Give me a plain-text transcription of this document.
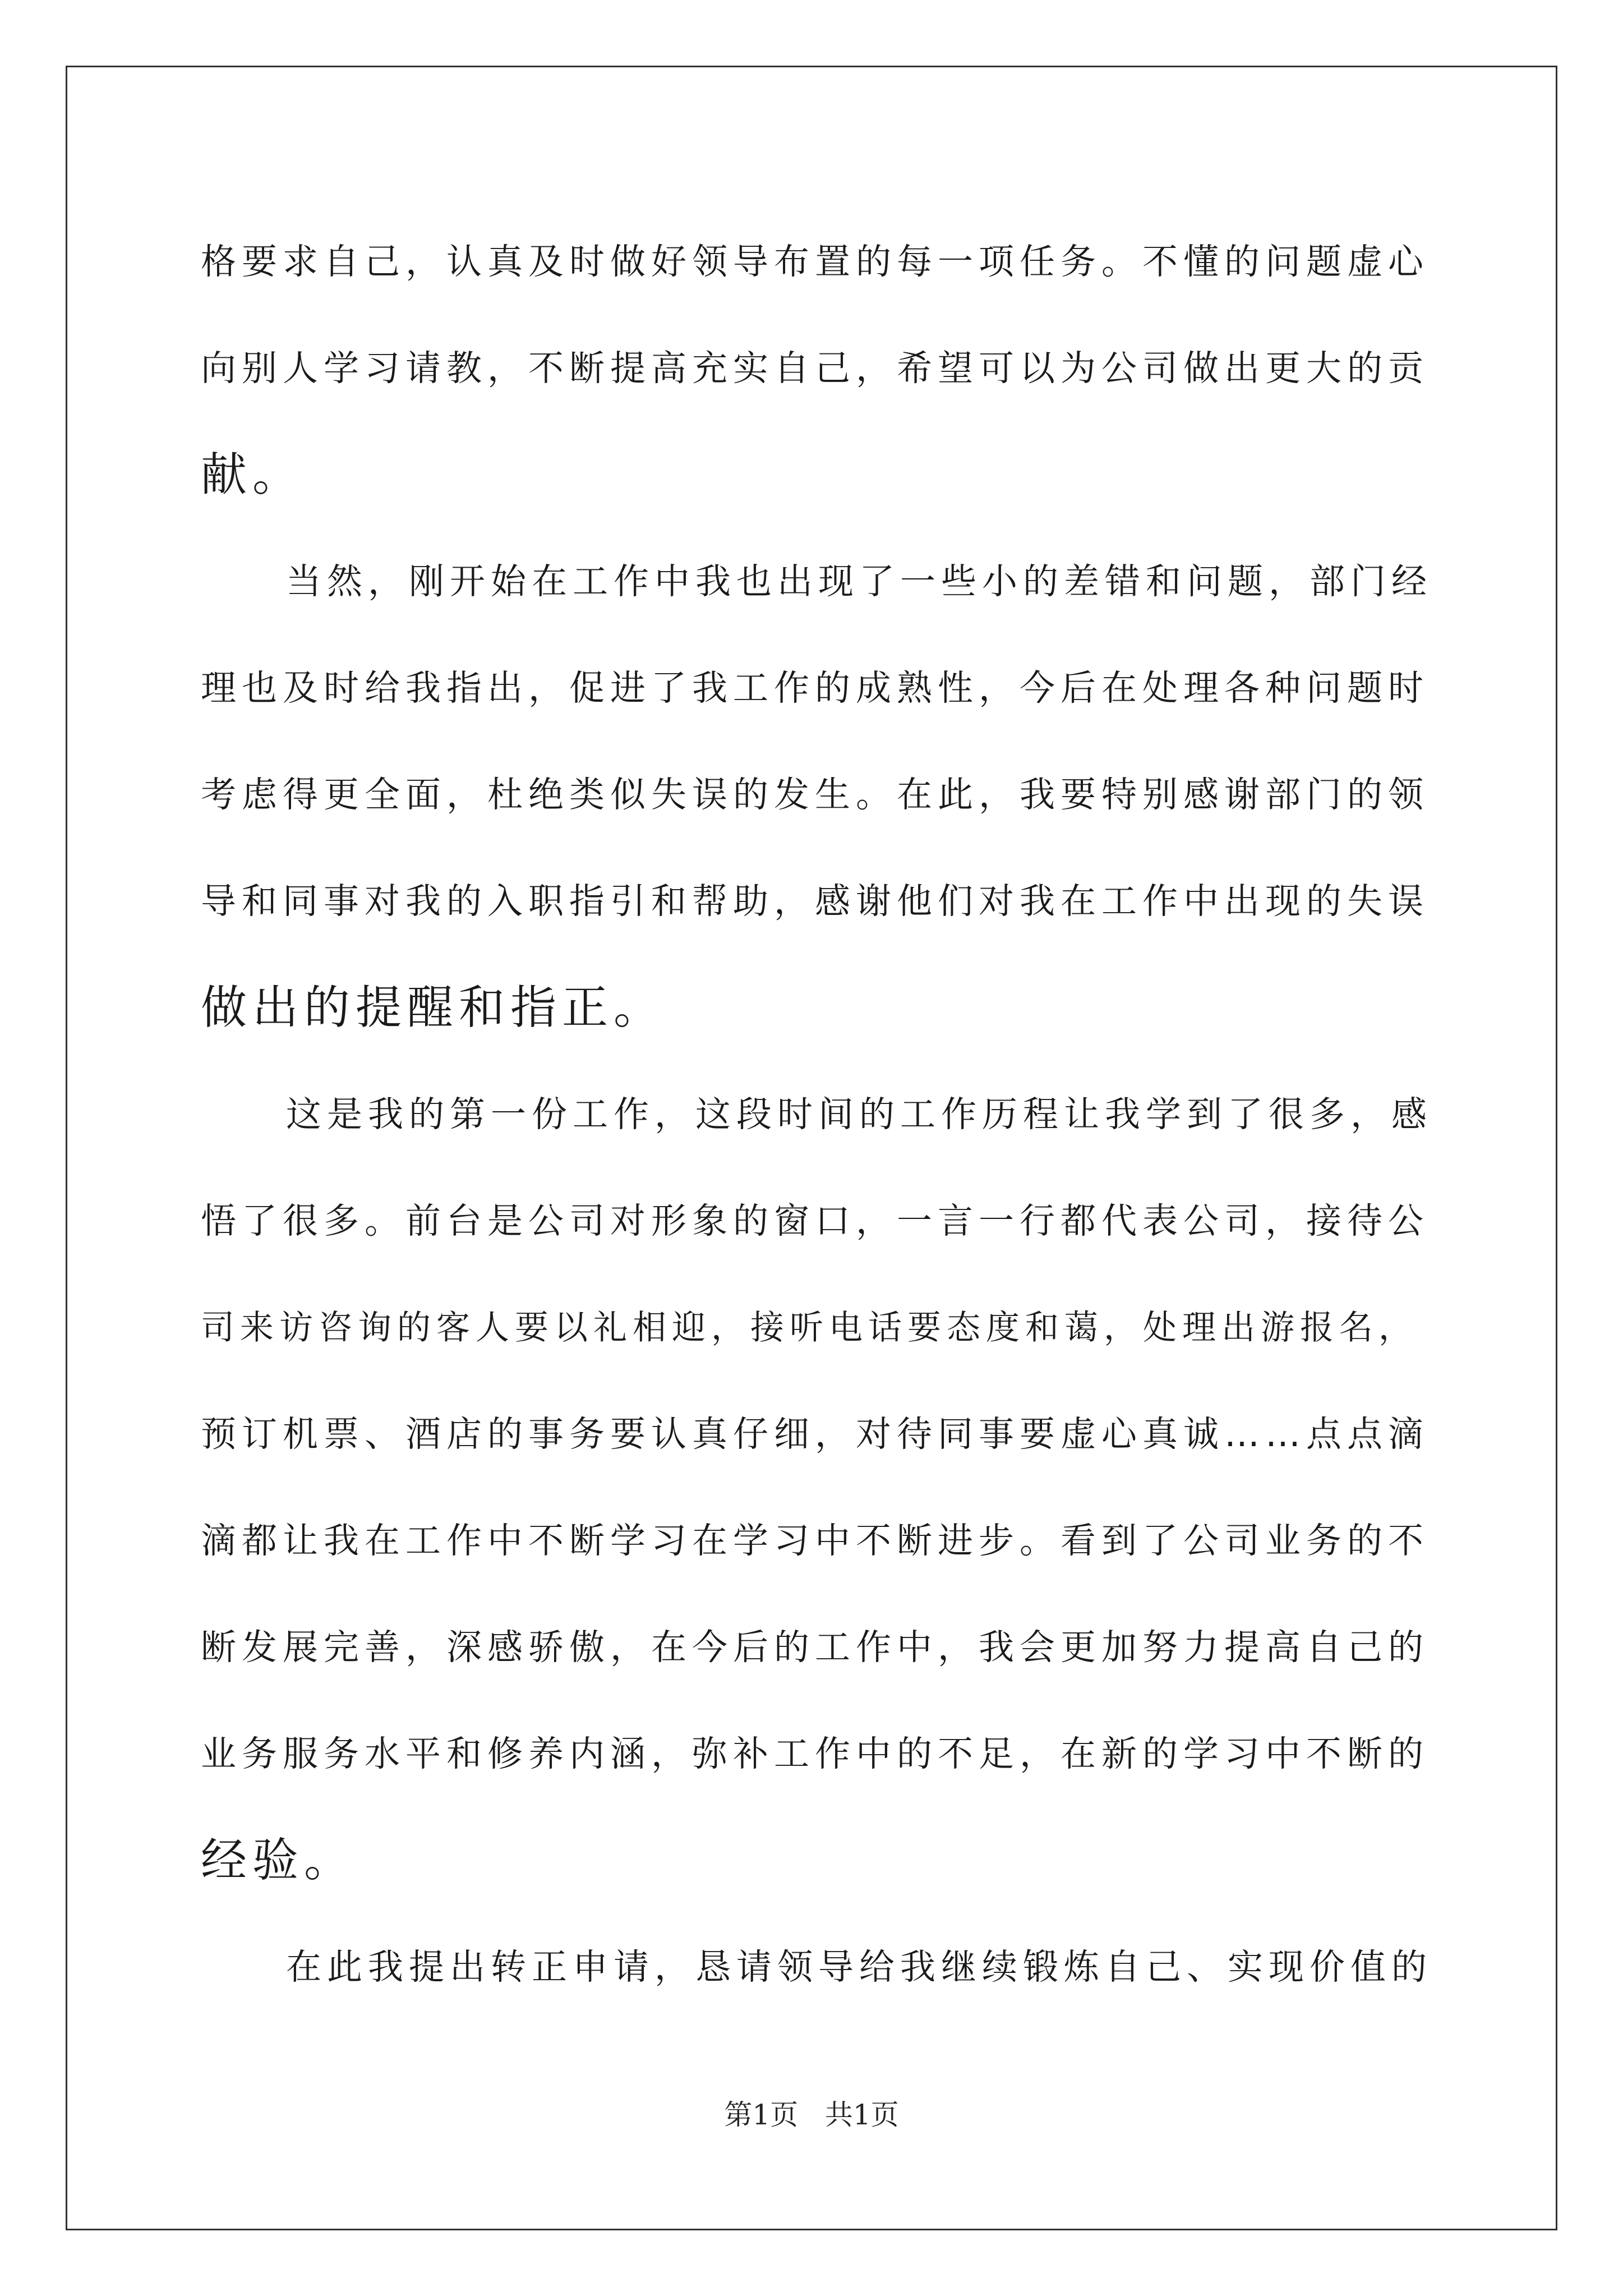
格要求自己，认真及时做好领导布置的每一项任务。不懂的问题虚心
向别人学习请教，不断提高充实自己，希望可以为公司做出更大的贡
献。
当然，刚开始在工作中我也出现了一些小的差错和问题，部门经
理也及时给我指出，促进了我工作的成熟性，今后在处理各种问题时
考虑得更全面，杜绝类似失误的发生。在此，我要特别感谢部门的领
导和同事对我的入职指引和帮助，感谢他们对我在工作中出现的失误
做出的提醒和指正。
这是我的第一份工作，这段时间的工作历程让我学到了很多，感
悟了很多。前台是公司对形象的窗口，一言一行都代表公司，接待公
司来访咨询的客人要以礼相迎，接听电话要态度和蔼，处理出游报名，
预订机票、酒店的事务要认真仔细，对待同事要虚心真诚……点点滴
滴都让我在工作中不断学习在学习中不断进步。看到了公司业务的不
断发展完善，深感骄傲，在今后的工作中，我会更加努力提高自己的
业务服务水平和修养内涵，弥补工作中的不足，在新的学习中不断的
经验。
在此我提出转正申请，恳请领导给我继续锻炼自己、实现价值的
第1页   共1页
